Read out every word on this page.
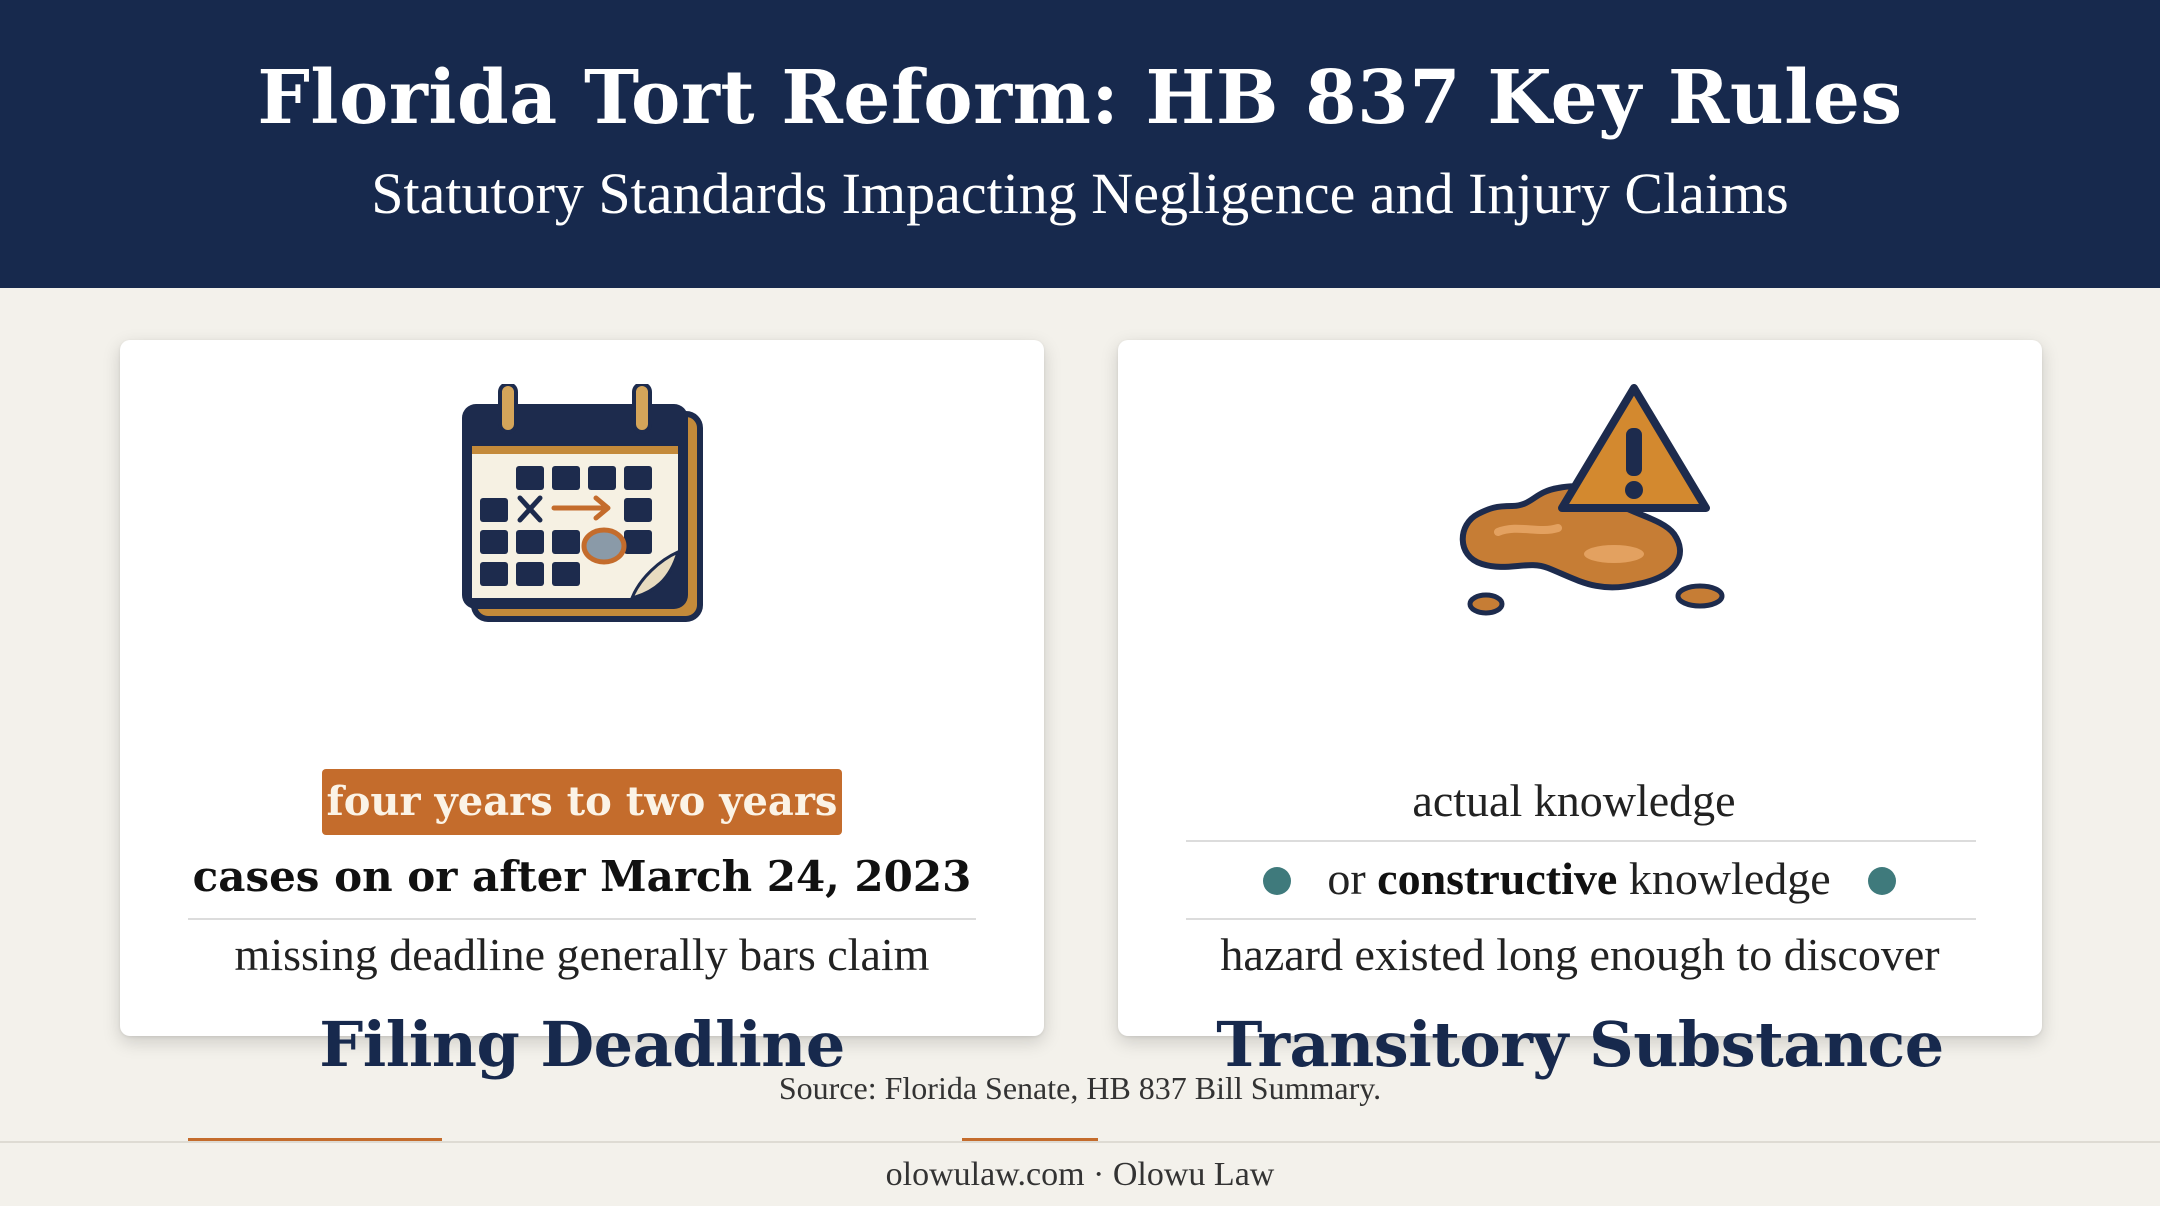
Florida Tort Reform: HB 837 Key Rules
Statutory Standards Impacting Negligence and Injury Claims
Filing Deadline
four years to two years
cases on or after March 24, 2023
missing deadline generally bars claim
Transitory Substance
actual knowledge
or constructive knowledge
hazard existed long enough to discover
Source: Florida Senate, HB 837 Bill Summary.
olowulaw.com · Olowu Law
